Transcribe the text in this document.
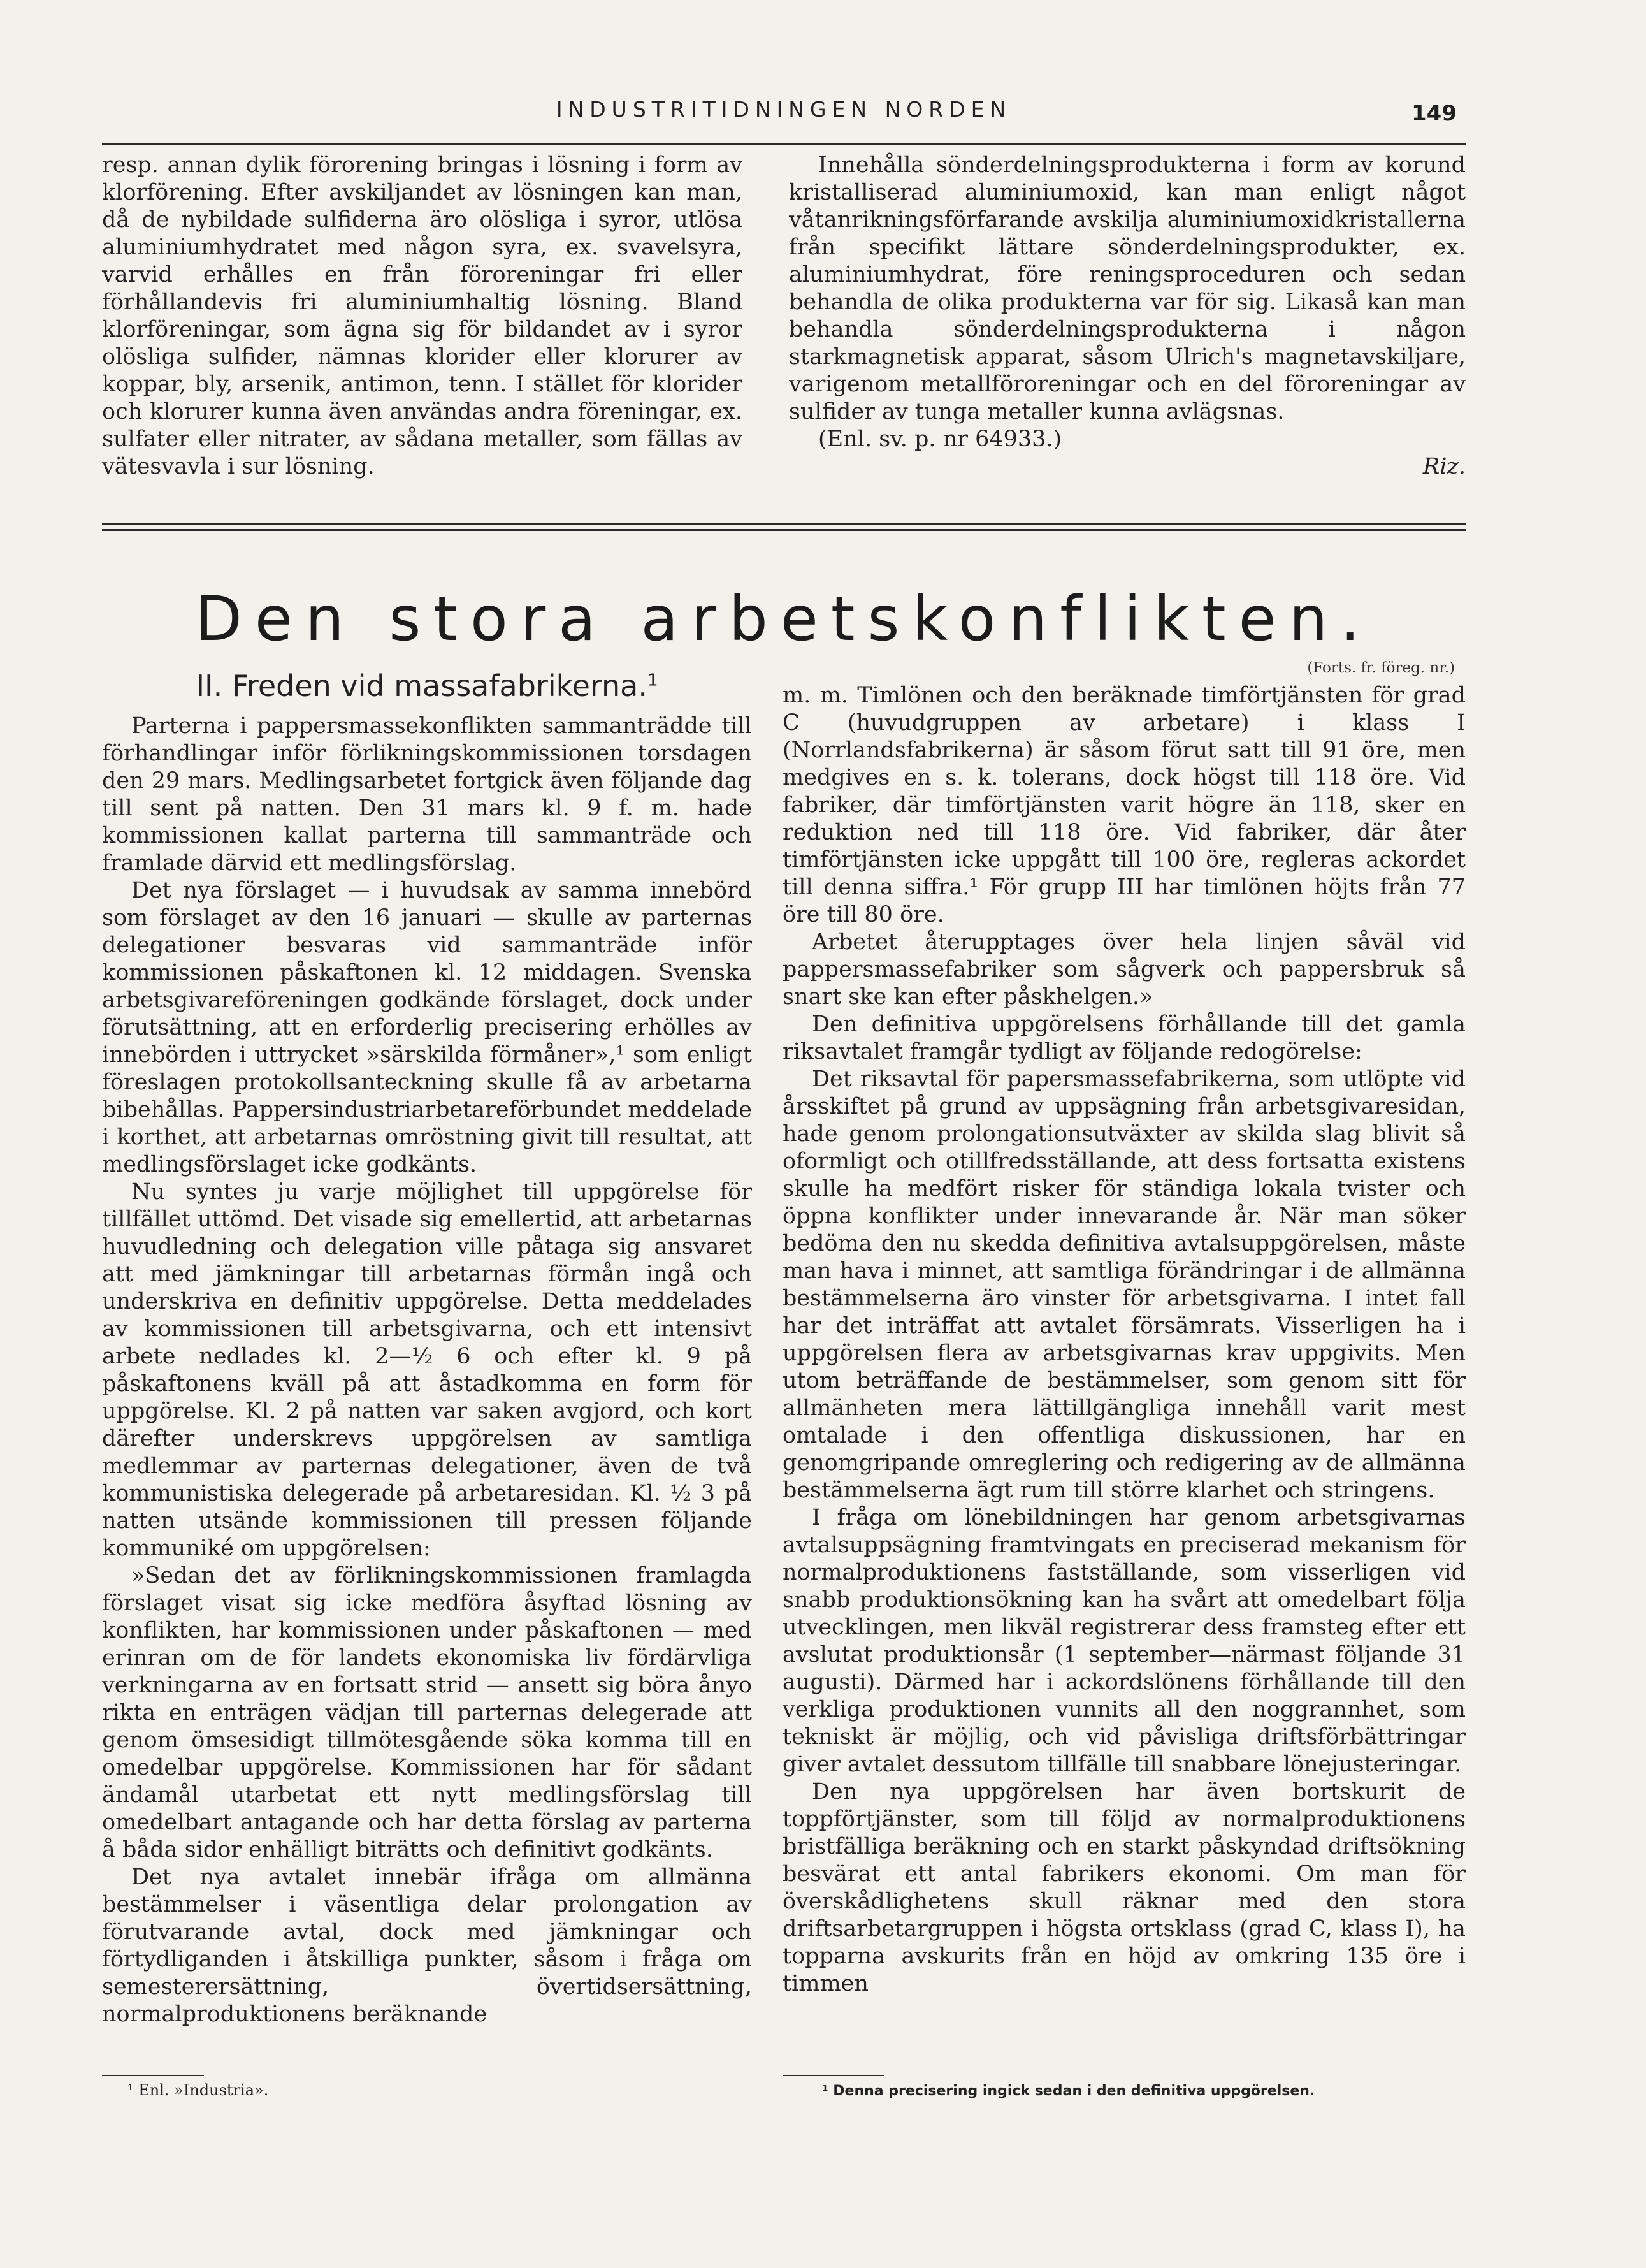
INDUSTRITIDNINGEN NORDEN	149

resp. annan dylik förorening bringas i lösning i form av klorförening. Efter avskiljandet av lösningen kan man, då de nybildade sulfiderna äro olösliga i syror, utlösa aluminiumhydratet med någon syra, ex. svavelsyra, varvid erhålles en från föroreningar fri eller förhållandevis fri aluminiumhaltig lösning. Bland klorföreningar, som ägna sig för bildandet av i syror olösliga sulfider, nämnas klorider eller klorurer av koppar, bly, arsenik, antimon, tenn. I stället för klorider och klorurer kunna även användas andra föreningar, ex. sulfater eller nitrater, av sådana metaller, som fällas av vätesvavla i sur lösning.

Innehålla sönderdelningsprodukterna i form av korund kristalliserad aluminiumoxid, kan man enligt något våtanrikningsförfarande avskilja aluminiumoxidkristallerna från specifikt lättare sönderdelningsprodukter, ex. aluminiumhydrat, före reningsproceduren och sedan behandla de olika produkterna var för sig. Likaså kan man behandla sönderdelningsprodukterna i någon starkmagnetisk apparat, såsom Ulrich's magnetavskiljare, varigenom metallföroreningar och en del föroreningar av sulfider av tunga metaller kunna avlägsnas.

(Enl. sv. p. nr 64933.)

Riz.

Den stora arbetskonflikten.
(Forts. fr. föreg. nr.)
II. Freden vid massafabrikerna.$^1$

Parterna i pappersmassekonflikten sammanträdde till förhandlingar inför förlikningskommissionen torsdagen den 29 mars. Medlingsarbetet fortgick även följande dag till sent på natten. Den 31 mars kl. 9 f. m. hade kommissionen kallat parterna till sammanträde och framlade därvid ett medlingsförslag.

Det nya förslaget — i huvudsak av samma innebörd som förslaget av den 16 januari — skulle av parternas delegationer besvaras vid sammanträde inför kommissionen påskaftonen kl. 12 middagen. Svenska arbetsgivareföreningen godkände förslaget, dock under förutsättning, att en erforderlig precisering erhölles av innebörden i uttrycket »särskilda förmåner»,¹ som enligt föreslagen protokollsanteckning skulle få av arbetarna bibehållas. Pappersindustriarbetareförbundet meddelade i korthet, att arbetarnas omröstning givit till resultat, att medlingsförslaget icke godkänts.

Nu syntes ju varje möjlighet till uppgörelse för tillfället uttömd. Det visade sig emellertid, att arbetarnas huvudledning och delegation ville påtaga sig ansvaret att med jämkningar till arbetarnas förmån ingå och underskriva en definitiv uppgörelse. Detta meddelades av kommissionen till arbetsgivarna, och ett intensivt arbete nedlades kl. 2—½ 6 och efter kl. 9 på påskaftonens kväll på att åstadkomma en form för uppgörelse. Kl. 2 på natten var saken avgjord, och kort därefter underskrevs uppgörelsen av samtliga medlemmar av parternas delegationer, även de två kommunistiska delegerade på arbetaresidan. Kl. ½ 3 på natten utsände kommissionen till pressen följande kommuniké om uppgörelsen:

»Sedan det av förlikningskommissionen framlagda förslaget visat sig icke medföra åsyftad lösning av konflikten, har kommissionen under påskaftonen — med erinran om de för landets ekonomiska liv fördärvliga verkningarna av en fortsatt strid — ansett sig böra ånyo rikta en enträgen vädjan till parternas delegerade att genom ömsesidigt tillmötesgående söka komma till en omedelbar uppgörelse. Kommissionen har för sådant ändamål utarbetat ett nytt medlingsförslag till omedelbart antagande och har detta förslag av parterna å båda sidor enhälligt biträtts och definitivt godkänts.

Det nya avtalet innebär ifråga om allmänna bestämmelser i väsentliga delar prolongation av förutvarande avtal, dock med jämkningar och förtydliganden i åtskilliga punkter, såsom i fråga om semesterersättning, övertidsersättning, normalproduktionens beräknande

¹ Enl. »Industria».

m. m. Timlönen och den beräknade timförtjänsten för grad C (huvudgruppen av arbetare) i klass I (Norrlandsfabrikerna) är såsom förut satt till 91 öre, men medgives en s. k. tolerans, dock högst till 118 öre. Vid fabriker, där timförtjänsten varit högre än 118, sker en reduktion ned till 118 öre. Vid fabriker, där åter timförtjänsten icke uppgått till 100 öre, regleras ackordet till denna siffra.¹ För grupp III har timlönen höjts från 77 öre till 80 öre.

Arbetet återupptages över hela linjen såväl vid pappersmassefabriker som sågverk och pappersbruk så snart ske kan efter påskhelgen.»

Den definitiva uppgörelsens förhållande till det gamla riksavtalet framgår tydligt av följande redogörelse:

Det riksavtal för papersmassefabrikerna, som utlöpte vid årsskiftet på grund av uppsägning från arbetsgivaresidan, hade genom prolongationsutväxter av skilda slag blivit så oformligt och otillfredsställande, att dess fortsatta existens skulle ha medfört risker för ständiga lokala tvister och öppna konflikter under innevarande år. När man söker bedöma den nu skedda definitiva avtalsuppgörelsen, måste man hava i minnet, att samtliga förändringar i de allmänna bestämmelserna äro vinster för arbetsgivarna. I intet fall har det inträffat att avtalet försämrats. Visserligen ha i uppgörelsen flera av arbetsgivarnas krav uppgivits. Men utom beträffande de bestämmelser, som genom sitt för allmänheten mera lättillgängliga innehåll varit mest omtalade i den offentliga diskussionen, har en genomgripande omreglering och redigering av de allmänna bestämmelserna ägt rum till större klarhet och stringens.

I fråga om lönebildningen har genom arbetsgivarnas avtalsuppsägning framtvingats en preciserad mekanism för normalproduktionens fastställande, som visserligen vid snabb produktionsökning kan ha svårt att omedelbart följa utvecklingen, men likväl registrerar dess framsteg efter ett avslutat produktionsår (1 september—närmast följande 31 augusti). Därmed har i ackordslönens förhållande till den verkliga produktionen vunnits all den noggrannhet, som tekniskt är möjlig, och vid påvisliga driftsförbättringar giver avtalet dessutom tillfälle till snabbare lönejusteringar.

Den nya uppgörelsen har även bortskurit de toppförtjänster, som till följd av normalproduktionens bristfälliga beräkning och en starkt påskyndad driftsökning besvärat ett antal fabrikers ekonomi. Om man för överskådlighetens skull räknar med den stora driftsarbetargruppen i högsta ortsklass (grad C, klass I), ha topparna avskurits från en höjd av omkring 135 öre i timmen

¹ Denna precisering ingick sedan i den definitiva uppgörelsen.
